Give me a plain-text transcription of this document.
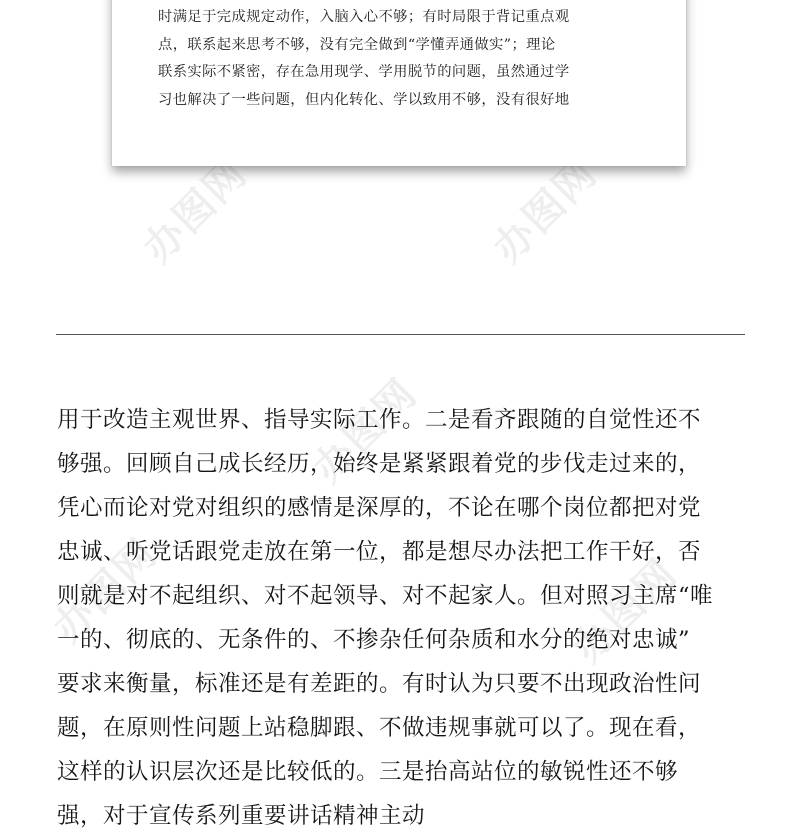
办图网	办图网
办图网
办图网	办图网
时满足于完成规定动作，入脑入心不够；有时局限于背记重点观
点，联系起来思考不够，没有完全做到“学懂弄通做实”；理论
联系实际不紧密，存在急用现学、学用脱节的问题，虽然通过学
习也解决了一些问题，但内化转化、学以致用不够，没有很好地
用于改造主观世界、指导实际工作。二是看齐跟随的自觉性还不
够强。回顾自己成长经历，始终是紧紧跟着党的步伐走过来的，
凭心而论对党对组织的感情是深厚的，不论在哪个岗位都把对党
忠诚、听党话跟党走放在第一位，都是想尽办法把工作干好，否
则就是对不起组织、对不起领导、对不起家人。但对照习主席“唯
一的、彻底的、无条件的、不掺杂任何杂质和水分的绝对忠诚”
要求来衡量，标准还是有差距的。有时认为只要不出现政治性问
题，在原则性问题上站稳脚跟、不做违规事就可以了。现在看，
这样的认识层次还是比较低的。三是抬高站位的敏锐性还不够
强，对于宣传系列重要讲话精神主动
